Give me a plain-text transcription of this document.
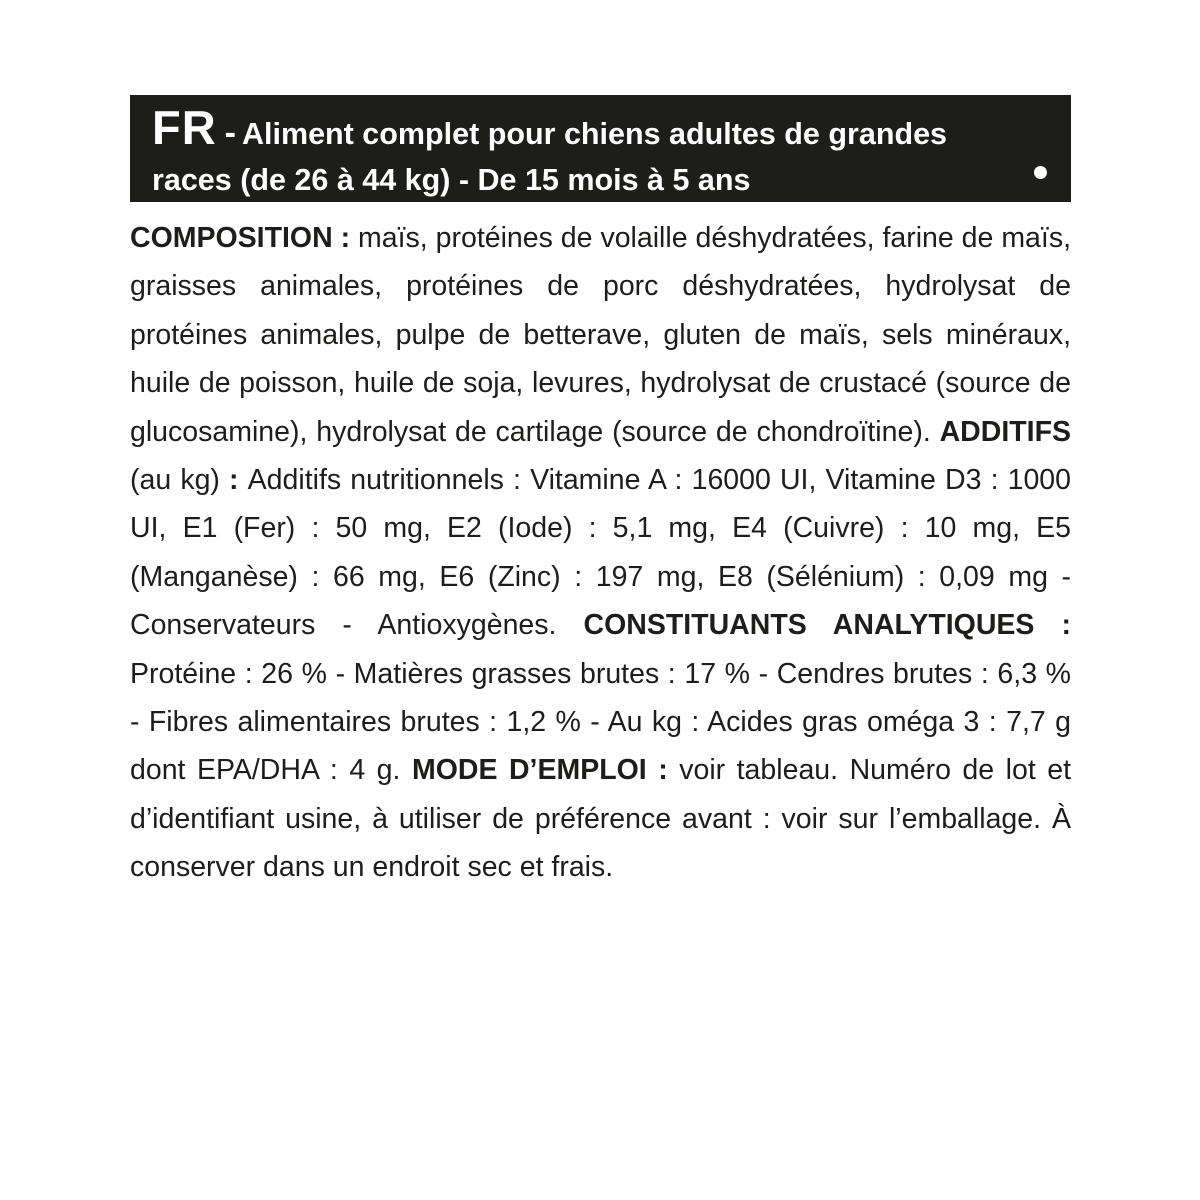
FR - Aliment complet pour chiens adultes de grandes
races (de 26 à 44 kg) - De 15 mois à 5 ans

COMPOSITION : maïs, protéines de volaille déshydratées, farine de maïs, graisses animales, protéines de porc déshydratées, hydrolysat de protéines animales, pulpe de betterave, gluten de maïs, sels minéraux, huile de poisson, huile de soja, levures, hydrolysat de crustacé (source de glucosamine), hydrolysat de cartilage (source de chondroïtine). ADDITIFS (au kg) : Additifs nutritionnels : Vitamine A : 16000 UI, Vitamine D3 : 1000 UI, E1 (Fer) : 50 mg, E2 (Iode) : 5,1 mg, E4 (Cuivre) : 10 mg, E5 (Manganèse) : 66 mg, E6 (Zinc) : 197 mg, E8 (Sélénium) : 0,09 mg - Conservateurs - Antioxygènes. CONSTITUANTS ANALYTIQUES : Protéine : 26 % - Matières grasses brutes : 17 % - Cendres brutes : 6,3 % - Fibres alimentaires brutes : 1,2 % - Au kg : Acides gras oméga 3 : 7,7 g dont EPA/DHA : 4 g. MODE D’EMPLOI : voir tableau. Numéro de lot et d’identifiant usine, à utiliser de préférence avant : voir sur l’emballage. À conserver dans un endroit sec et frais.
